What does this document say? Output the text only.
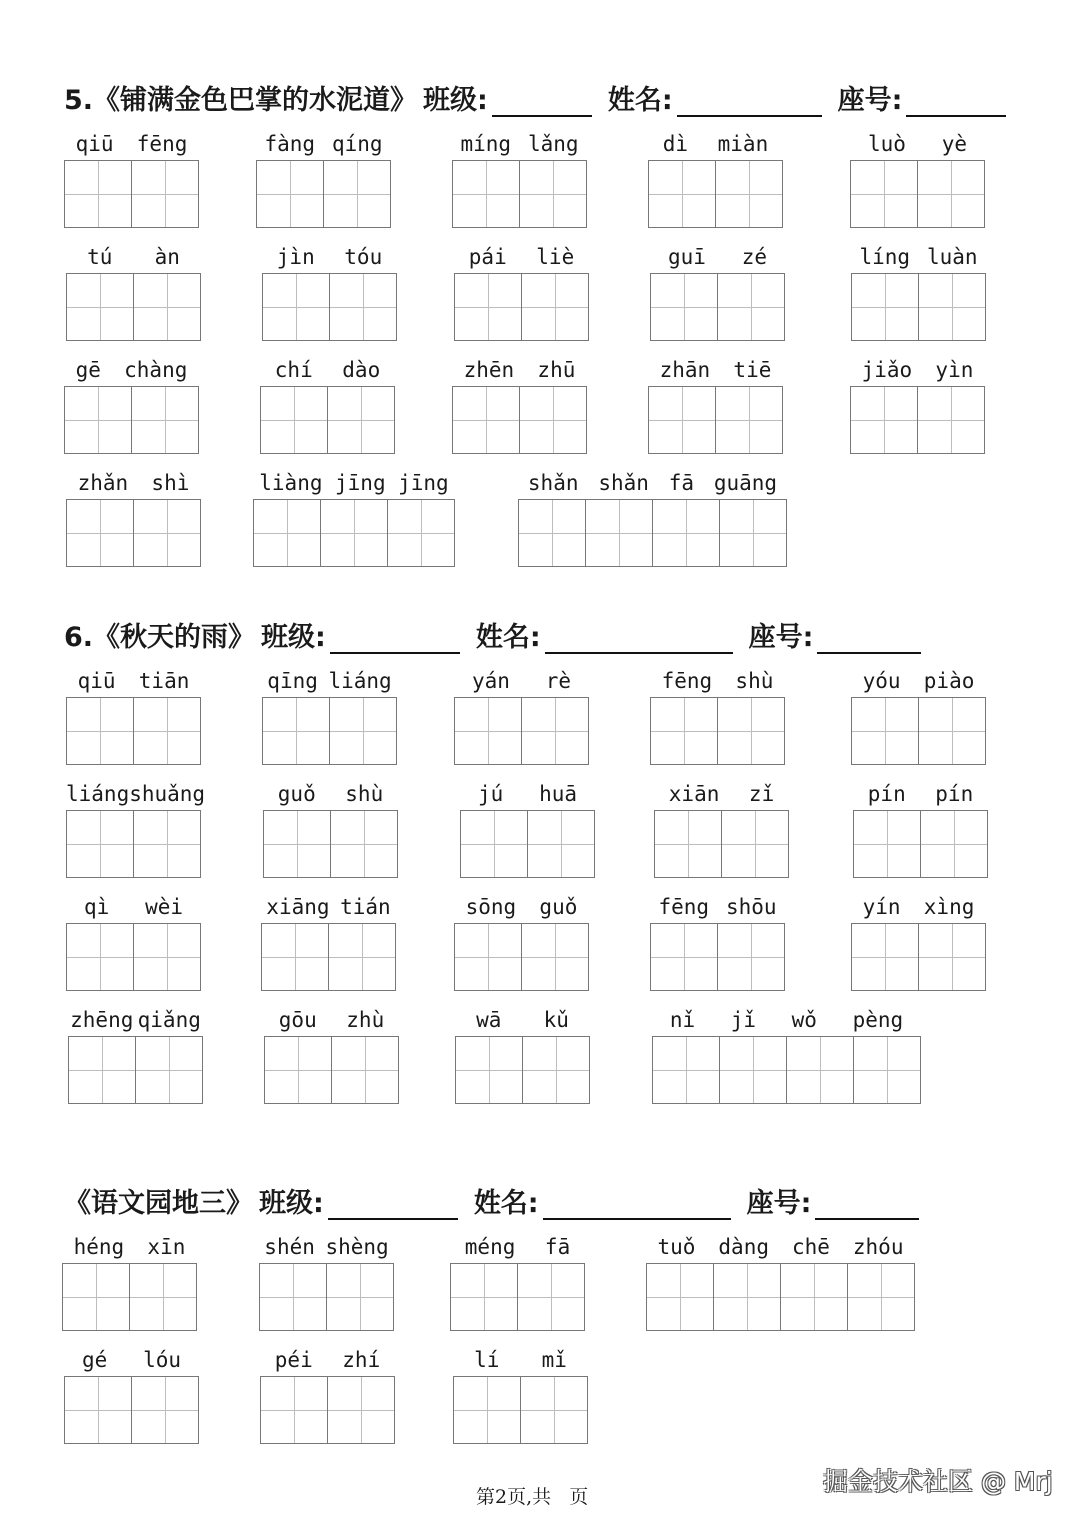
5.《铺满金色巴掌的水泥道》 班级:	姓名:	座号:
qiū fēng	fàng qíng	míng lǎng	dì miàn	luò yè
tú àn	jìn tóu	pái liè	guī zé	líng luàn
gē chàng	chí dào	zhēn zhū	zhān tiē	jiǎo yìn
zhǎn shì	liàng jīng jīng	shǎn shǎn fā guāng
6.《秋天的雨》 班级:	姓名:	座号:
qiū tiān	qīng liáng	yán rè	fēng shù	yóu piào
liáng shuǎng	guǒ shù	jú huā	xiān zǐ	pín pín
qì wèi	xiāng tián	sōng guǒ	fēng shōu	yín xìng
zhēng qiǎng	gōu zhù	wā kǔ	nǐ jǐ wǒ pèng
《语文园地三》 班级:	姓名:	座号:
héng xīn	shén shèng	méng fā	tuǒ dàng chē zhóu
gé lóu	péi zhí	lí mǐ
第2页,共   页
掘金技术社区 @ Mrj
